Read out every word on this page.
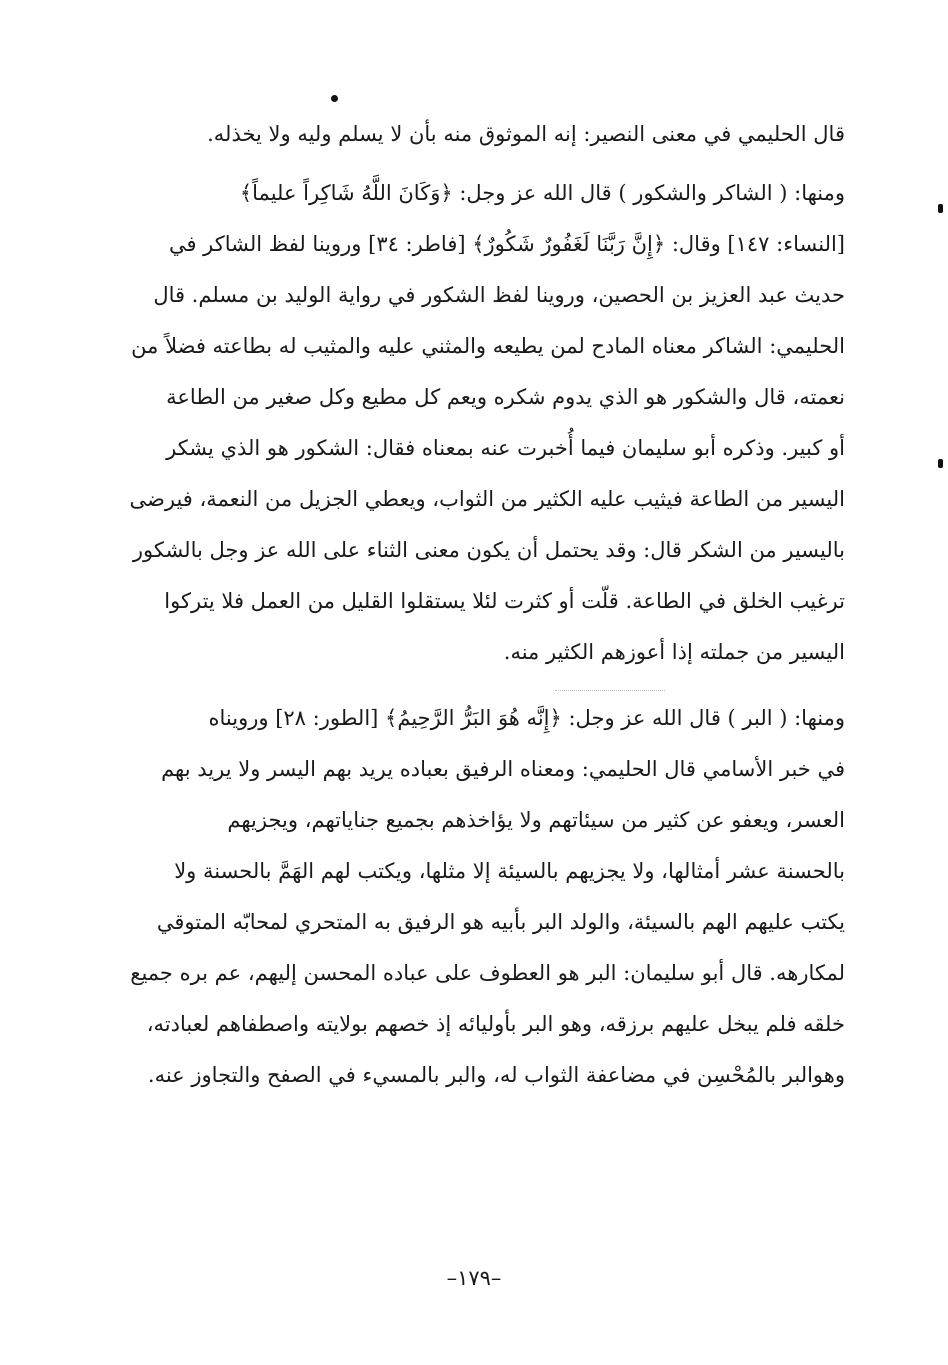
قال الحليمي في معنى النصير: إنه الموثوق منه بأن لا يسلم وليه ولا يخذله.
ومنها: ( الشاكر والشكور ) قال الله عز وجل: ﴿وَكَانَ اللَّهُ شَاكِراً عليماً﴾
[النساء: ١٤٧] وقال: ﴿إِنَّ رَبَّنَا لَغَفُورٌ شَكُورٌ﴾ [فاطر: ٣٤] وروينا لفظ الشاكر في
حديث عبد العزيز بن الحصين، وروينا لفظ الشكور في رواية الوليد بن مسلم. قال
الحليمي: الشاكر معناه المادح لمن يطيعه والمثني عليه والمثيب له بطاعته فضلاً من
نعمته، قال والشكور هو الذي يدوم شكره ويعم كل مطيع وكل صغير من الطاعة
أو كبير. وذكره أبو سليمان فيما أُخبرت عنه بمعناه فقال: الشكور هو الذي يشكر
اليسير من الطاعة فيثيب عليه الكثير من الثواب، ويعطي الجزيل من النعمة، فيرضى
باليسير من الشكر قال: وقد يحتمل أن يكون معنى الثناء على الله عز وجل بالشكور
ترغيب الخلق في الطاعة. قلّت أو كثرت لئلا يستقلوا القليل من العمل فلا يتركوا
اليسير من جملته إذا أعوزهم الكثير منه.
ومنها: ( البر ) قال الله عز وجل: ﴿إِنَّه هُوَ البَرُّ الرَّحِيمُ﴾ [الطور: ٢٨] ورويناه
في خبر الأسامي قال الحليمي: ومعناه الرفيق بعباده يريد بهم اليسر ولا يريد بهم
العسر، ويعفو عن كثير من سيئاتهم ولا يؤاخذهم بجميع جناياتهم، ويجزيهم
بالحسنة عشر أمثالها، ولا يجزيهم بالسيئة إلا مثلها، ويكتب لهم الهَمَّ بالحسنة ولا
يكتب عليهم الهم بالسيئة، والولد البر بأبيه هو الرفيق به المتحري لمحابّه المتوقي
لمكارهه. قال أبو سليمان: البر هو العطوف على عباده المحسن إليهم، عم بره جميع
خلقه فلم يبخل عليهم برزقه، وهو البر بأوليائه إذ خصهم بولايته واصطفاهم لعبادته،
وهوالبر بالمُحْسِن في مضاعفة الثواب له، والبر بالمسيء في الصفح والتجاوز عنه.
–١٧٩–
